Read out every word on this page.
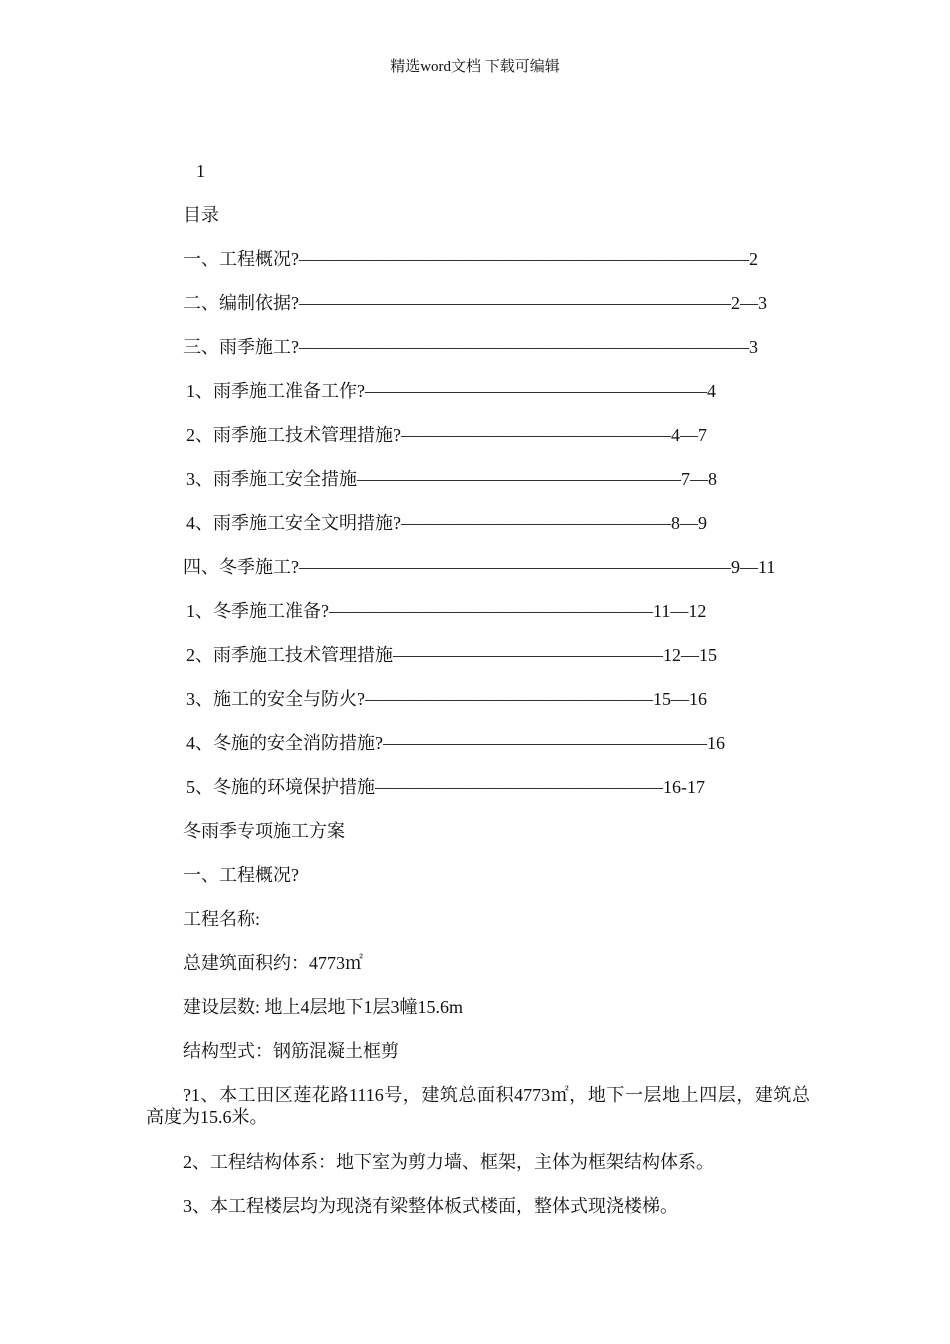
精选word文档 下载可编辑
1
目录
一、工程概况?—————————————————————————2
二、编制依据?————————————————————————2—3
三、雨季施工?—————————————————————————3
1、雨季施工准备工作?———————————————————4
2、雨季施工技术管理措施?———————————————4—7
3、雨季施工安全措施——————————————————7—8
4、雨季施工安全文明措施?———————————————8—9
四、冬季施工?————————————————————————9—11
1、冬季施工准备?——————————————————11—12
2、雨季施工技术管理措施———————————————12—15
3、施工的安全与防火?————————————————15—16
4、冬施的安全消防措施?——————————————————16
5、冬施的环境保护措施————————————————16-17
冬雨季专项施工方案
一、工程概况?
工程名称:
总建筑面积约：4773㎡
建设层数: 地上4层地下1层3幢15.6m
结构型式：钢筋混凝土框剪
?1、本工田区莲花路1116号，建筑总面积4773㎡，地下一层地上四层，建筑总高度为15.6米。
2、工程结构体系：地下室为剪力墙、框架，主体为框架结构体系。
3、本工程楼层均为现浇有梁整体板式楼面，整体式现浇楼梯。
